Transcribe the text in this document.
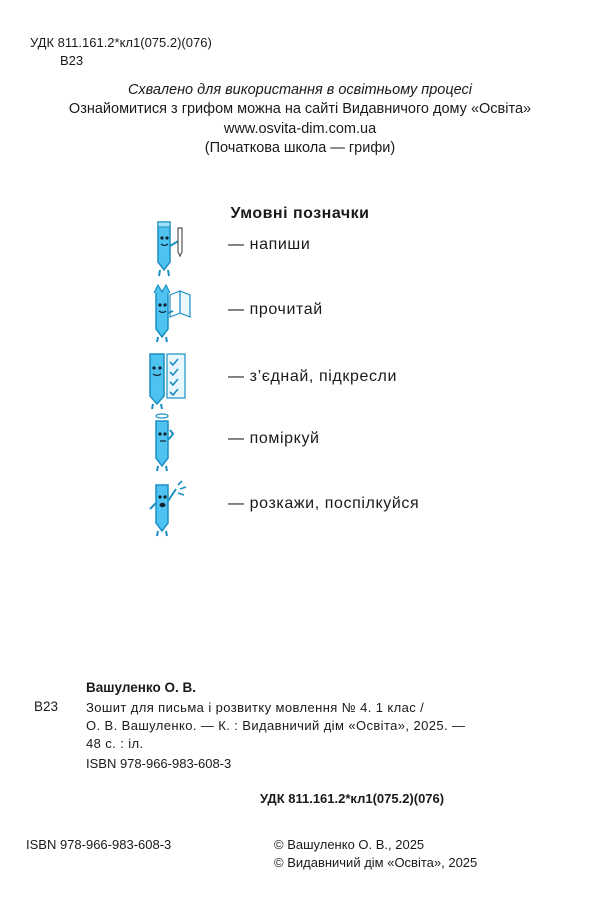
УДК 811.161.2*кл1(075.2)(076)
В23
Схвалено для використання в освітньому процесі
Ознайомитися з грифом можна на сайті Видавничого дому «Освіта»
www.osvita-dim.com.ua
(Початкова школа — грифи)
Умовні позначки
— напиши
— прочитай
— з’єднай, підкресли
— поміркуй
— розкажи, поспілкуйся
Вашуленко О. В.
В23 Зошит для письма і розвитку мовлення № 4. 1 клас /
О. В. Вашуленко. — К. : Видавничий дім «Освіта», 2025. —
48 с. : іл.
ISBN 978-966-983-608-3
УДК 811.161.2*кл1(075.2)(076)
ISBN 978-966-983-608-3	© Вашуленко О. В., 2025
© Видавничий дім «Освіта», 2025
